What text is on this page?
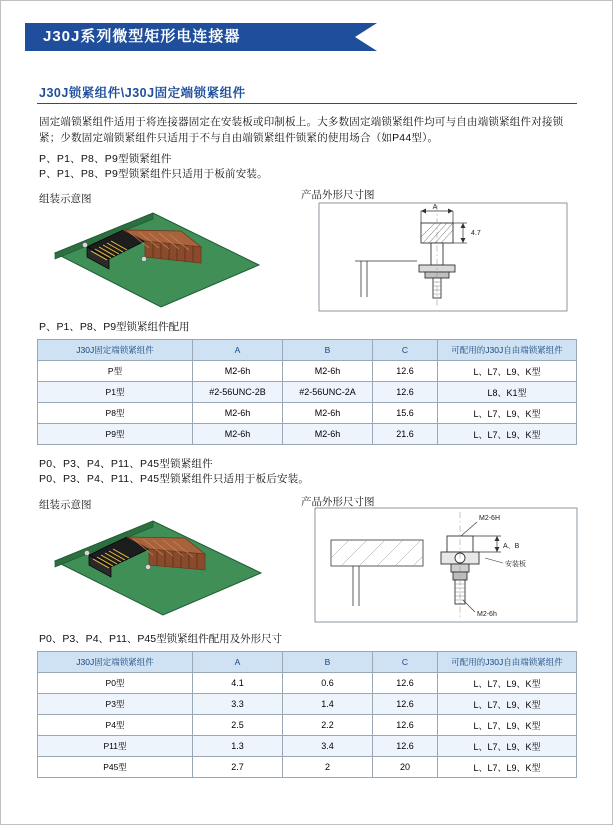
J30J系列微型矩形电连接器
J30J锁紧组件\J30J固定端锁紧组件
固定端锁紧组件适用于将连接器固定在安装板或印制板上。大多数固定端锁紧组件均可与自由端锁紧组件对接锁紧；少数固定端锁紧组件只适用于不与自由端锁紧组件锁紧的使用场合（如P44型）。
P、P1、P8、P9型锁紧组件
P、P1、P8、P9型锁紧组件只适用于板前安装。
组装示意图	产品外形尺寸图
A
4.7
P、P1、P8、P9型锁紧组件配用
J30J固定端锁紧组件	A	B	C	可配用的J30J自由端锁紧组件
P型	M2-6h	M2-6h	12.6	L、L7、L9、K型
P1型	#2-56UNC-2B	#2-56UNC-2A	12.6	L8、K1型
P8型	M2-6h	M2-6h	15.6	L、L7、L9、K型
P9型	M2-6h	M2-6h	21.6	L、L7、L9、K型
P0、P3、P4、P11、P45型锁紧组件
P0、P3、P4、P11、P45型锁紧组件只适用于板后安装。
组装示意图	产品外形尺寸图
M2-6H
A、B
安装板
M2-6h
P0、P3、P4、P11、P45型锁紧组件配用及外形尺寸
J30J固定端锁紧组件	A	B	C	可配用的J30J自由端锁紧组件
P0型	4.1	0.6	12.6	L、L7、L9、K型
P3型	3.3	1.4	12.6	L、L7、L9、K型
P4型	2.5	2.2	12.6	L、L7、L9、K型
P11型	1.3	3.4	12.6	L、L7、L9、K型
P45型	2.7	2	20	L、L7、L9、K型
